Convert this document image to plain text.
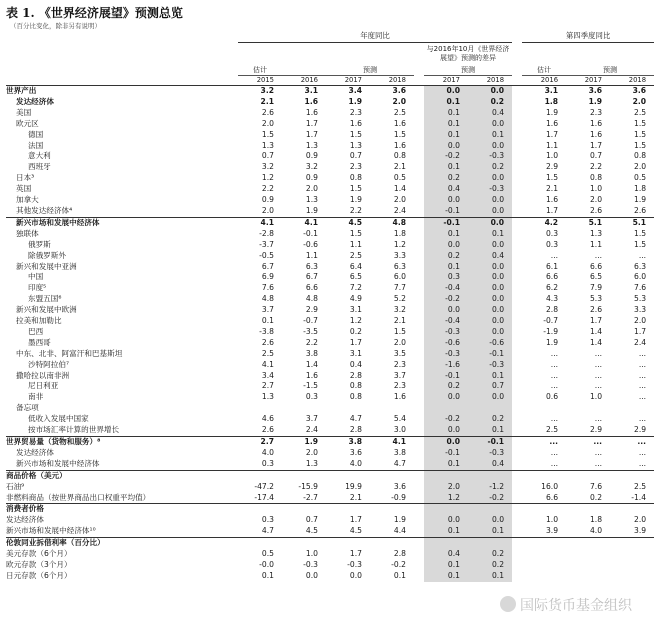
表 1. 《世界经济展望》预测总览
（百分比变化，除非另有说明）
	年度同比								第四季度同比		
						与2016年10月《世界经济展望》预测的差异					
	估计		预测			预测			估计	预测	
	2015	2016	2017	2018		2017	2018		2016	2017	2018
世界产出	3.2	3.1	3.4	3.6		0.0	0.0		3.1	3.6	3.6
发达经济体	2.1	1.6	1.9	2.0		0.1	0.2		1.8	1.9	2.0
美国	2.6	1.6	2.3	2.5		0.1	0.4		1.9	2.3	2.5
欧元区	2.0	1.7	1.6	1.6		0.1	0.0		1.6	1.6	1.5
德国	1.5	1.7	1.5	1.5		0.1	0.1		1.7	1.6	1.5
法国	1.3	1.3	1.3	1.6		0.0	0.0		1.1	1.7	1.5
意大利	0.7	0.9	0.7	0.8		-0.2	-0.3		1.0	0.7	0.8
西班牙	3.2	3.2	2.3	2.1		0.1	0.2		2.9	2.2	2.0
日本³	1.2	0.9	0.8	0.5		0.2	0.0		1.5	0.8	0.5
英国	2.2	2.0	1.5	1.4		0.4	-0.3		2.1	1.0	1.8
加拿大	0.9	1.3	1.9	2.0		0.0	0.0		1.6	2.0	1.9
其他发达经济体⁴	2.0	1.9	2.2	2.4		-0.1	0.0		1.7	2.6	2.6
新兴市场和发展中经济体	4.1	4.1	4.5	4.8		-0.1	0.0		4.2	5.1	5.1
独联体	-2.8	-0.1	1.5	1.8		0.1	0.1		0.3	1.3	1.5
俄罗斯	-3.7	-0.6	1.1	1.2		0.0	0.0		0.3	1.1	1.5
除俄罗斯外	-0.5	1.1	2.5	3.3		0.2	0.4		...	...	...
新兴和发展中亚洲	6.7	6.3	6.4	6.3		0.1	0.0		6.1	6.6	6.3
中国	6.9	6.7	6.5	6.0		0.3	0.0		6.6	6.5	6.0
印度⁵	7.6	6.6	7.2	7.7		-0.4	0.0		6.2	7.9	7.6
东盟五国⁶	4.8	4.8	4.9	5.2		-0.2	0.0		4.3	5.3	5.3
新兴和发展中欧洲	3.7	2.9	3.1	3.2		0.0	0.0		2.8	2.6	3.3
拉美和加勒比	0.1	-0.7	1.2	2.1		-0.4	0.0		-0.7	1.7	2.0
巴西	-3.8	-3.5	0.2	1.5		-0.3	0.0		-1.9	1.4	1.7
墨西哥	2.6	2.2	1.7	2.0		-0.6	-0.6		1.9	1.4	2.4
中东、北非、阿富汗和巴基斯坦	2.5	3.8	3.1	3.5		-0.3	-0.1		...	...	...
沙特阿拉伯⁷	4.1	1.4	0.4	2.3		-1.6	-0.3		...	...	...
撒哈拉以南非洲	3.4	1.6	2.8	3.7		-0.1	0.1		...	...	...
尼日利亚	2.7	-1.5	0.8	2.3		0.2	0.7		...	...	...
南非	1.3	0.3	0.8	1.6		0.0	0.0		0.6	1.0	...
备忘项											
低收入发展中国家	4.6	3.7	4.7	5.4		-0.2	0.2		...	...	...
按市场汇率计算的世界增长	2.6	2.4	2.8	3.0		0.0	0.1		2.5	2.9	2.9
世界贸易量（货物和服务）⁸	2.7	1.9	3.8	4.1		0.0	-0.1		...	...	...
发达经济体	4.0	2.0	3.6	3.8		-0.1	-0.3		...	...	...
新兴市场和发展中经济体	0.3	1.3	4.0	4.7		0.1	0.4		...	...	...
商品价格（美元）											
石油⁹	-47.2	-15.9	19.9	3.6		2.0	-1.2		16.0	7.6	2.5
非燃料商品（按世界商品出口权重平均值）	-17.4	-2.7	2.1	-0.9		1.2	-0.2		6.6	0.2	-1.4
消费者价格											
发达经济体	0.3	0.7	1.7	1.9		0.0	0.0		1.0	1.8	2.0
新兴市场和发展中经济体¹⁰	4.7	4.5	4.5	4.4		0.1	0.1		3.9	4.0	3.9
伦敦同业拆借利率（百分比）											
美元存款（6个月）	0.5	1.0	1.7	2.8		0.4	0.2				
欧元存款（3个月）	-0.0	-0.3	-0.3	-0.2		0.1	0.2				
日元存款（6个月）	0.1	0.0	0.0	0.1		0.1	0.1				
国际货币基金组织
